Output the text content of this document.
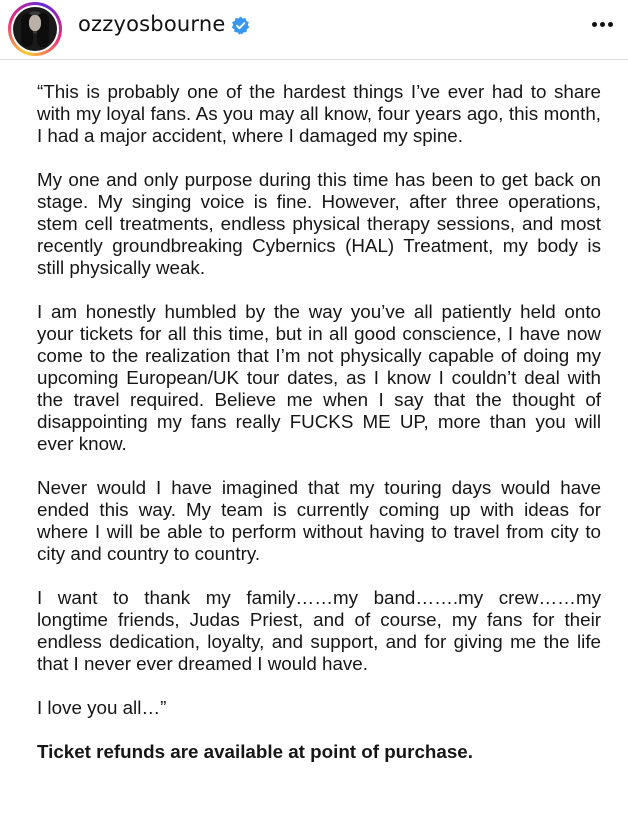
ozzyosbourne

“This is probably one of the hardest things I’ve ever had to share with my loyal fans. As you may all know, four years ago, this month, I had a major accident, where I damaged my spine.

My one and only purpose during this time has been to get back on stage. My singing voice is fine. However, after three operations, stem cell treatments, endless physical therapy sessions, and most recently groundbreaking Cybernics (HAL) Treatment, my body is still physically weak.

I am honestly humbled by the way you’ve all patiently held onto your tickets for all this time, but in all good conscience, I have now come to the realization that I’m not physically capable of doing my upcoming European/UK tour dates, as I know I couldn’t deal with the travel required. Believe me when I say that the thought of disappointing my fans really FUCKS ME UP, more than you will ever know.

Never would I have imagined that my touring days would have ended this way. My team is currently coming up with ideas for where I will be able to perform without having to travel from city to city and country to country.

I want to thank my family……my band…….my crew……my longtime friends, Judas Priest, and of course, my fans for their endless dedication, loyalty, and support, and for giving me the life that I never ever dreamed I would have.

I love you all…”

Ticket refunds are available at point of purchase.
